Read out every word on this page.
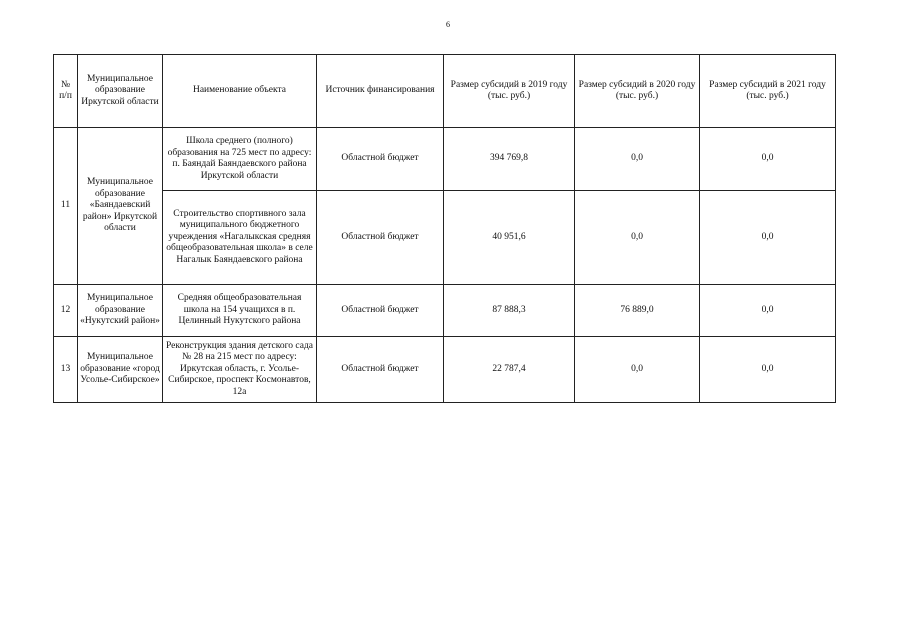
6
№ п/п	Муниципальное образование Иркутской области	Наименование объекта	Источник финансирования	Размер субсидий в 2019 году (тыс. руб.)	Размер субсидий в 2020 году (тыс. руб.)	Размер субсидий в 2021 году (тыс. руб.)
11	Муниципальное образование «Баяндаевский район» Иркутской области	Школа среднего (полного) образования на 725 мест по адресу: п. Баяндай Баяндаевского района Иркутской области	Областной бюджет	394 769,8	0,0	0,0
		Строительство спортивного зала муниципального бюджетного учреждения «Нагалыкская средняя общеобразовательная школа» в селе Нагалык Баяндаевского района	Областной бюджет	40 951,6	0,0	0,0
12	Муниципальное образование «Нукутский район»	Средняя общеобразовательная школа на 154 учащихся в п. Целинный Нукутского района	Областной бюджет	87 888,3	76 889,0	0,0
13	Муниципальное образование «город Усолье-Сибирское»	Реконструкция здания детского сада № 28 на 215 мест по адресу: Иркутская область, г. Усолье-Сибирское, проспект Космонавтов, 12а	Областной бюджет	22 787,4	0,0	0,0
